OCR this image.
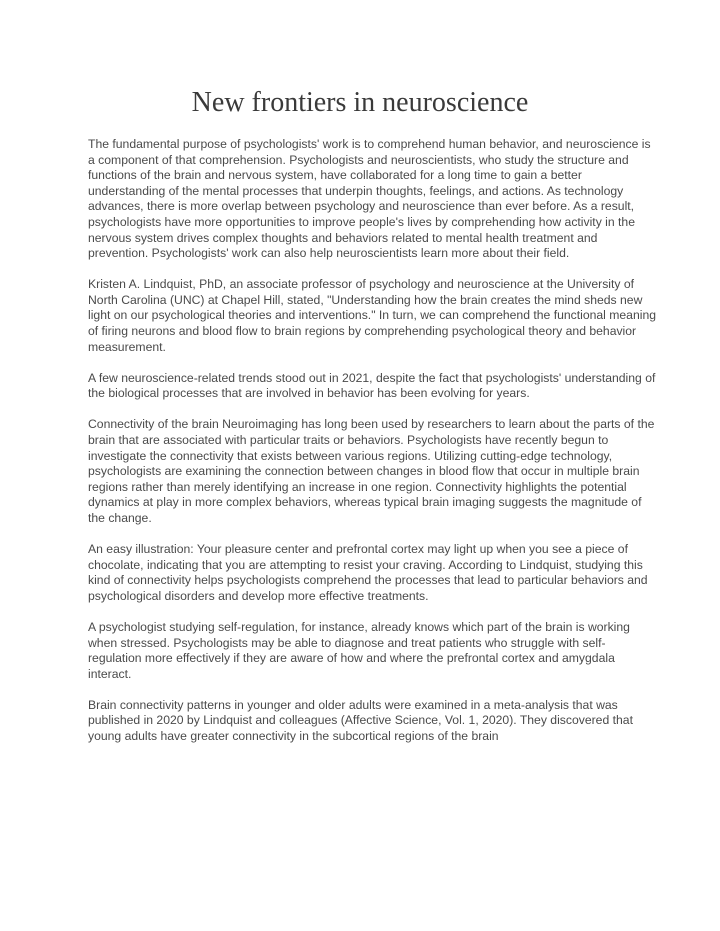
New frontiers in neuroscience

The fundamental purpose of psychologists' work is to comprehend human behavior, and neuroscience is a component of that comprehension. Psychologists and neuroscientists, who study the structure and functions of the brain and nervous system, have collaborated for a long time to gain a better understanding of the mental processes that underpin thoughts, feelings, and actions. As technology advances, there is more overlap between psychology and neuroscience than ever before. As a result, psychologists have more opportunities to improve people's lives by comprehending how activity in the nervous system drives complex thoughts and behaviors related to mental health treatment and prevention. Psychologists' work can also help neuroscientists learn more about their field.

Kristen A. Lindquist, PhD, an associate professor of psychology and neuroscience at the University of North Carolina (UNC) at Chapel Hill, stated, "Understanding how the brain creates the mind sheds new light on our psychological theories and interventions." In turn, we can comprehend the functional meaning of firing neurons and blood flow to brain regions by comprehending psychological theory and behavior measurement.

A few neuroscience-related trends stood out in 2021, despite the fact that psychologists' understanding of the biological processes that are involved in behavior has been evolving for years.

Connectivity of the brain Neuroimaging has long been used by researchers to learn about the parts of the brain that are associated with particular traits or behaviors. Psychologists have recently begun to investigate the connectivity that exists between various regions. Utilizing cutting-edge technology, psychologists are examining the connection between changes in blood flow that occur in multiple brain regions rather than merely identifying an increase in one region. Connectivity highlights the potential dynamics at play in more complex behaviors, whereas typical brain imaging suggests the magnitude of the change.

An easy illustration: Your pleasure center and prefrontal cortex may light up when you see a piece of chocolate, indicating that you are attempting to resist your craving. According to Lindquist, studying this kind of connectivity helps psychologists comprehend the processes that lead to particular behaviors and psychological disorders and develop more effective treatments.

A psychologist studying self-regulation, for instance, already knows which part of the brain is working when stressed. Psychologists may be able to diagnose and treat patients who struggle with self-regulation more effectively if they are aware of how and where the prefrontal cortex and amygdala interact.

Brain connectivity patterns in younger and older adults were examined in a meta-analysis that was published in 2020 by Lindquist and colleagues (Affective Science, Vol. 1, 2020). They discovered that young adults have greater connectivity in the subcortical regions of the brain
